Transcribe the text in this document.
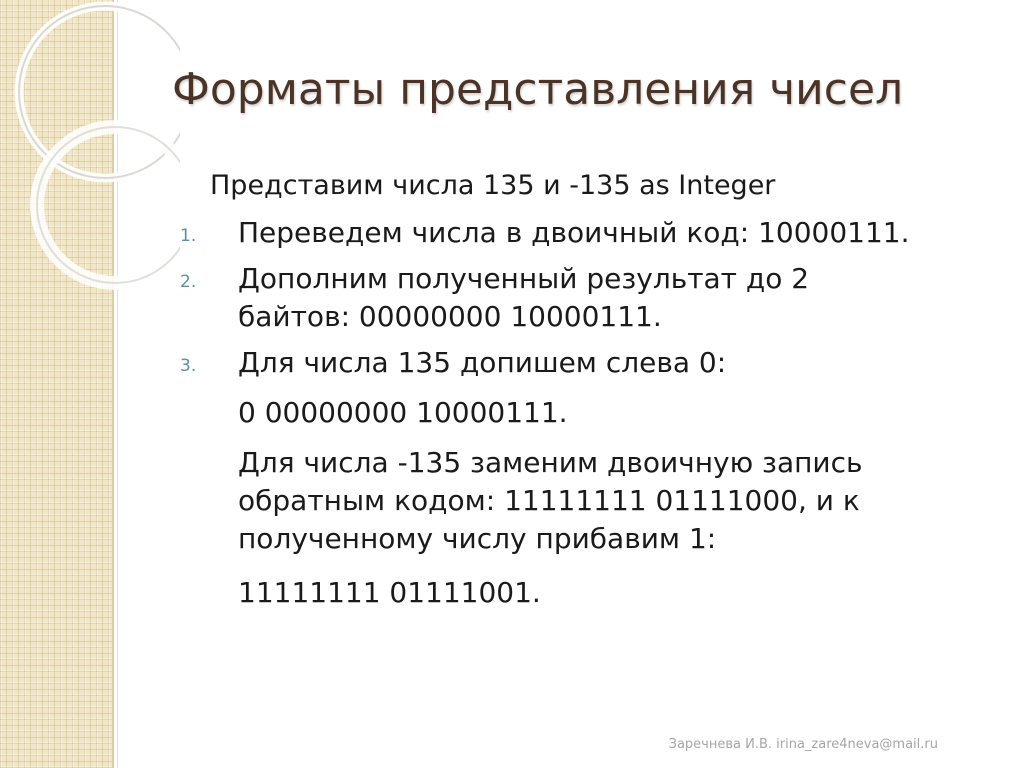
Форматы представления чисел

Представим числа 135 и -135 as Integer

1. Переведем числа в двоичный код: 10000111.
2. Дополним полученный результат до 2 байтов: 00000000 10000111.
3. Для числа 135 допишем слева 0:
0 00000000 10000111.
Для числа -135 заменим двоичную запись обратным кодом: 11111111 01111000, и к полученному числу прибавим 1:
11111111 01111001.
Заречнева И.В. irina_zare4neva@mail.ru
